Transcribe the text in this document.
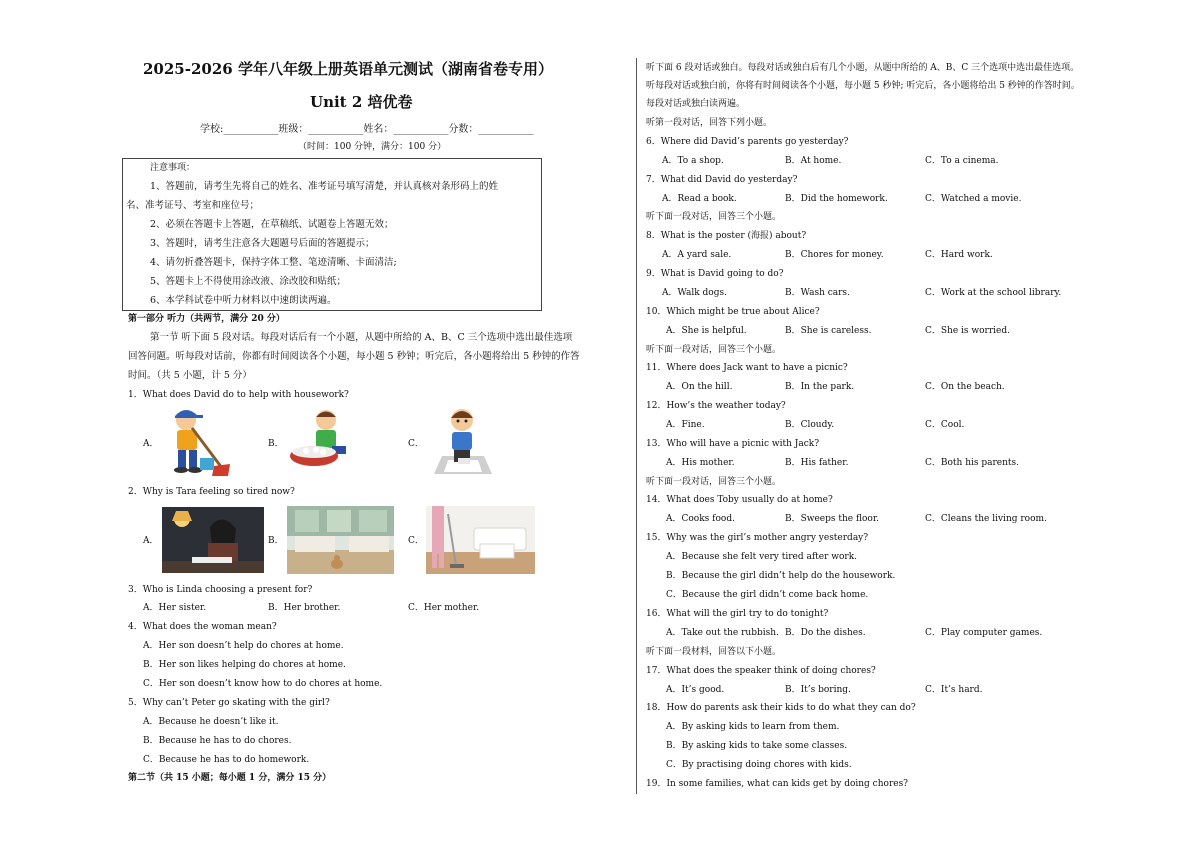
2025-2026 学年八年级上册英语单元测试（湖南省卷专用）
Unit 2 培优卷
学校:___________班级：___________姓名：___________分数：___________
（时间：100 分钟，满分：100 分）
注意事项：
1、答题前，请考生先将自己的姓名、准考证号填写清楚，并认真核对条形码上的姓
名、准考证号、考室和座位号；
2、必须在答题卡上答题，在草稿纸、试题卷上答题无效；
3、答题时，请考生注意各大题题号后面的答题提示；
4、请勿折叠答题卡，保持字体工整、笔迹清晰、卡面清洁;
5、答题卡上不得使用涂改液、涂改胶和贴纸；
6、本学科试卷中听力材料以中速朗读两遍。
第一部分 听力（共两节，满分 20 分）
第一节 听下面 5 段对话。每段对话后有一个小题，从题中所给的 A、B、C 三个选项中选出最佳选项
回答问题。听每段对话前，你都有时间阅读各个小题，每小题 5 秒钟；听完后，各小题将给出 5 秒钟的作答
时间。（共 5 小题，计 5 分）
1．What does David do to help with housework?
A．	B．	C．
2．Why is Tara feeling so tired now?
A．	B．	C．
3．Who is Linda choosing a present for?
A．Her sister.	B．Her brother.	C．Her mother.
4．What does the woman mean?
A．Her son doesn’t help do chores at home.
B．Her son likes helping do chores at home.
C．Her son doesn’t know how to do chores at home.
5．Why can’t Peter go skating with the girl?
A．Because he doesn’t like it.
B．Because he has to do chores.
C．Because he has to do homework.
第二节（共 15 小题；每小题 1 分，满分 15 分）
听下面 6 段对话或独白。每段对话或独白后有几个小题，从题中所给的 A、B、C 三个选项中选出最佳选项。
听每段对话或独白前，你将有时间阅读各个小题，每小题 5 秒钟; 听完后，各小题将给出 5 秒钟的作答时间。
每段对话或独白读两遍。
听第一段对话，回答下列小题。
6．Where did David’s parents go yesterday?
A．To a shop.	B．At home.	C．To a cinema.
7．What did David do yesterday?
A．Read a book.	B．Did the homework.	C．Watched a movie.
听下面一段对话，回答三个小题。
8．What is the poster (海报) about?
A．A yard sale.	B．Chores for money.	C．Hard work.
9．What is David going to do?
A．Walk dogs.	B．Wash cars.	C．Work at the school library.
10．Which might be true about Alice?
A．She is helpful.	B．She is careless.	C．She is worried.
听下面一段对话，回答三个小题。
11．Where does Jack want to have a picnic?
A．On the hill.	B．In the park.	C．On the beach.
12．How’s the weather today?
A．Fine.	B．Cloudy.	C．Cool.
13．Who will have a picnic with Jack?
A．His mother.	B．His father.	C．Both his parents.
听下面一段对话，回答三个小题。
14．What does Toby usually do at home?
A．Cooks food.	B．Sweeps the floor.	C．Cleans the living room.
15．Why was the girl’s mother angry yesterday?
A．Because she felt very tired after work.
B．Because the girl didn’t help do the housework.
C．Because the girl didn’t come back home.
16．What will the girl try to do tonight?
A．Take out the rubbish. B．Do the dishes.	C．Play computer games.
听下面一段材料，回答以下小题。
17．What does the speaker think of doing chores?
A．It’s good.	B．It’s boring.	C．It’s hard.
18．How do parents ask their kids to do what they can do?
A．By asking kids to learn from them.
B．By asking kids to take some classes.
C．By practising doing chores with kids.
19．In some families, what can kids get by doing chores?
